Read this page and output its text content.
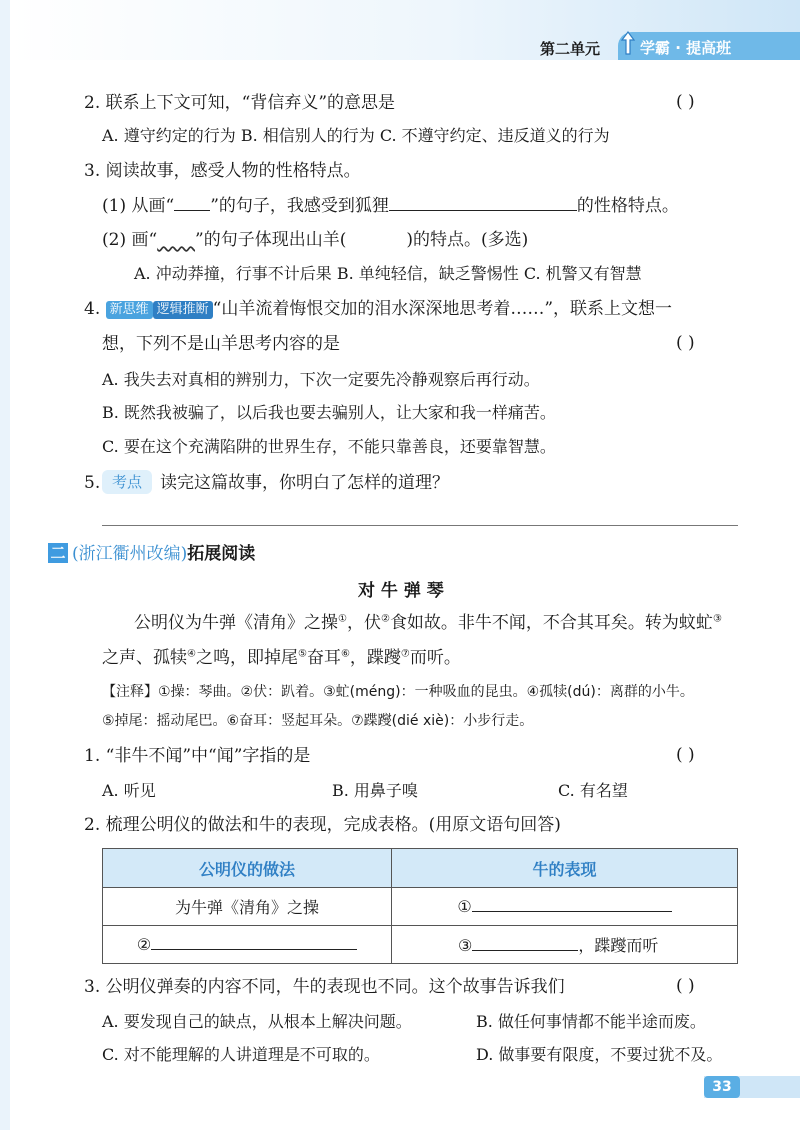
第二单元	学霸 · 提高班
2. 联系上下文可知，“背信弃义”的意思是	( )
A. 遵守约定的行为 B. 相信别人的行为 C. 不遵守约定、违反道义的行为
3. 阅读故事，感受人物的性格特点。
(1) 从画“ ”的句子，我感受到狐狸	的性格特点。
(2) 画“ ”的句子体现出山羊(	)的特点。(多选)
A. 冲动莽撞，行事不计后果 B. 单纯轻信，缺乏警惕性 C. 机警又有智慧
4. 新思维 逻辑推断 “山羊流着悔恨交加的泪水深深地思考着……”，联系上文想一
想，下列不是山羊思考内容的是	( )
A. 我失去对真相的辨别力，下次一定要先冷静观察后再行动。
B. 既然我被骗了，以后我也要去骗别人，让大家和我一样痛苦。
C. 要在这个充满陷阱的世界生存，不能只靠善良，还要靠智慧。
5. 考点	读完这篇故事，你明白了怎样的道理？
二 (浙江衢州改编)拓展阅读
对 牛 弹 琴
公明仪为牛弹《清角》之操①，伏②食如故。非牛不闻，不合其耳矣。转为蚊虻③
之声、孤犊④之鸣，即掉尾⑤奋耳⑥，蹀躞⑦而听。
【注释】①操：琴曲。②伏：趴着。③虻(méng)：一种吸血的昆虫。④孤犊(dú)：离群的小牛。
⑤掉尾：摇动尾巴。⑥奋耳：竖起耳朵。⑦蹀躞(dié xiè)：小步行走。
1. “非牛不闻”中“闻”字指的是	( )
A. 听见	B. 用鼻子嗅	C. 有名望
2. 梳理公明仪的做法和牛的表现，完成表格。(用原文语句回答)
公明仪的做法	牛的表现
为牛弹《清角》之操	①
②	③ ，蹀躞而听
3. 公明仪弹奏的内容不同，牛的表现也不同。这个故事告诉我们	( )
A. 要发现自己的缺点，从根本上解决问题。	B. 做任何事情都不能半途而废。
C. 对不能理解的人讲道理是不可取的。	D. 做事要有限度，不要过犹不及。
33
